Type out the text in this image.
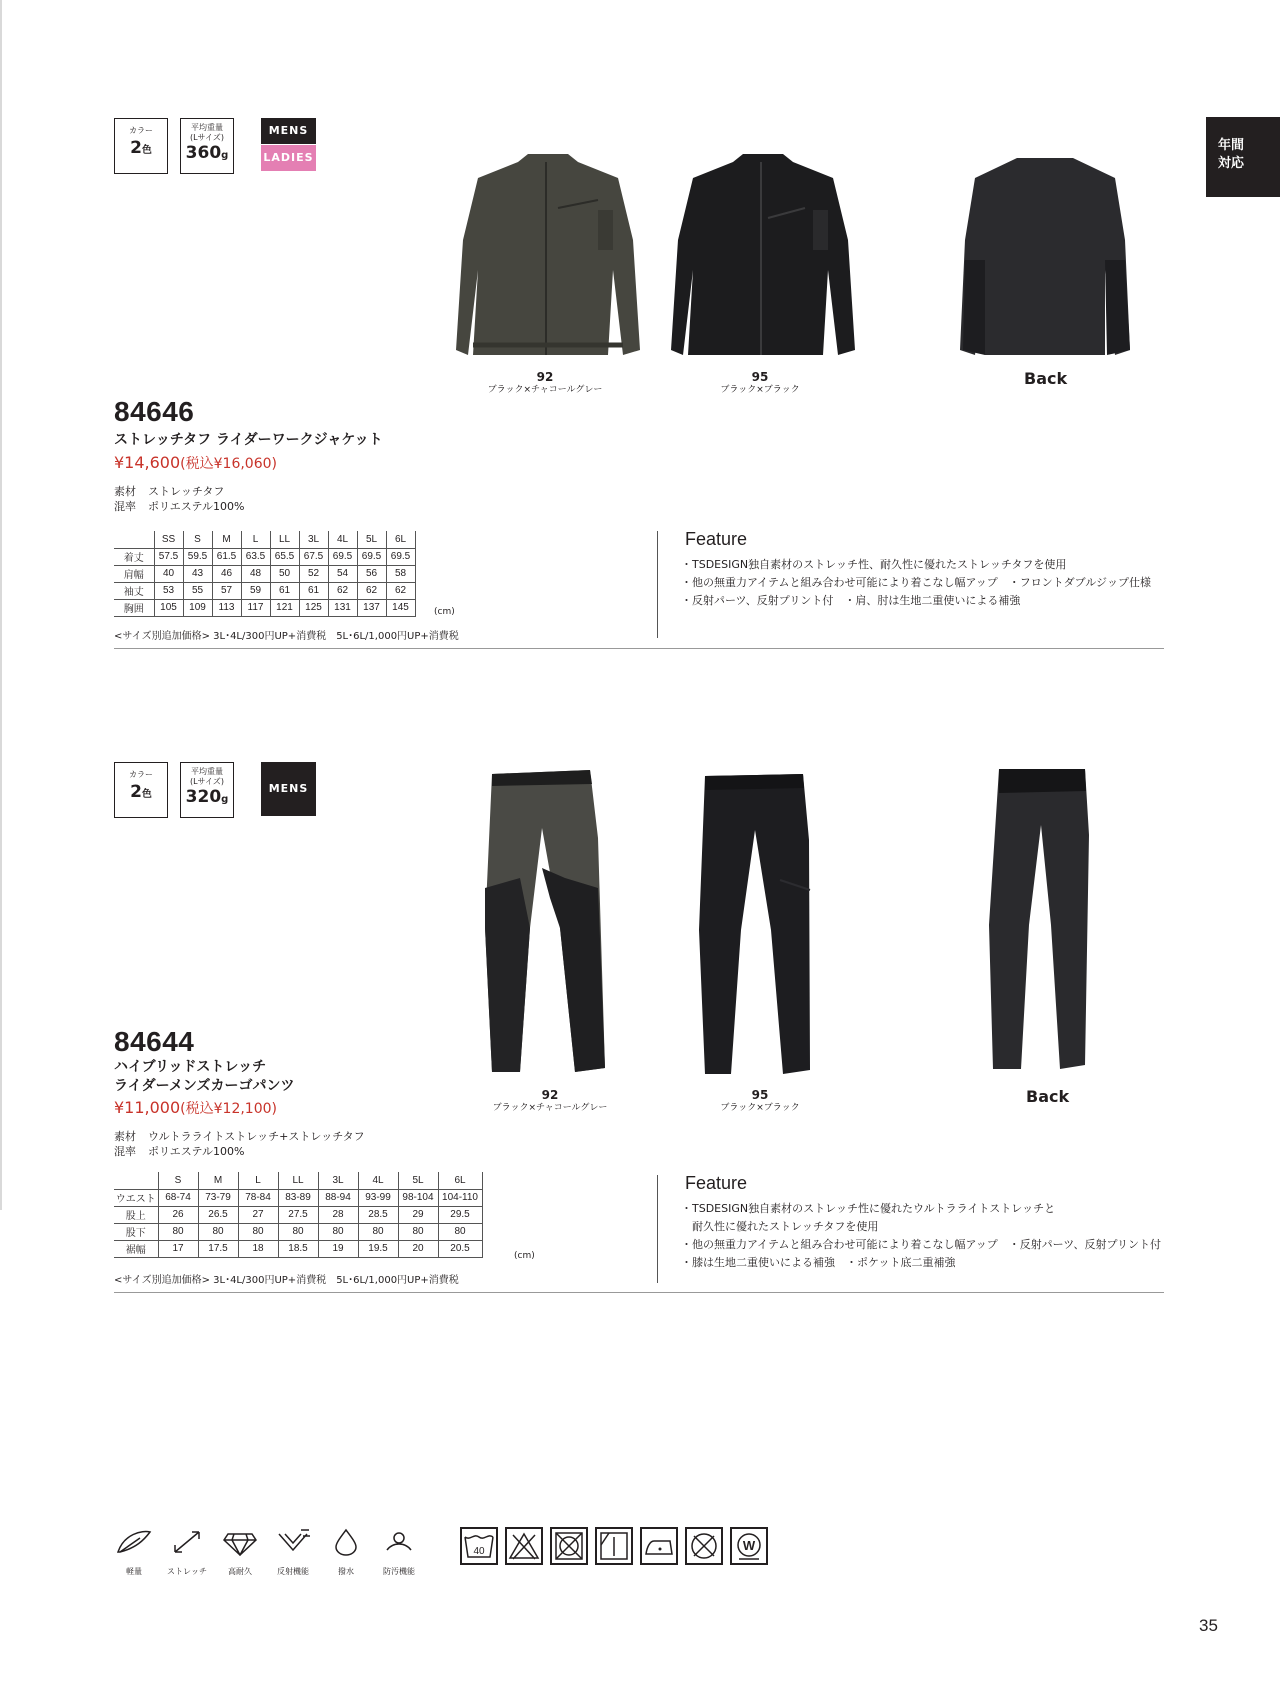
年間
対応
カラー
2色
平均重量
(Lサイズ)
360g
MENS
LADIES
92
ブラック×チャコールグレー
95
ブラック×ブラック
Back
84646
ストレッチタフ ライダーワークジャケット
¥14,600(税込¥16,060)
素材 ストレッチタフ
混率 ポリエステル100%
	SS	S	M	L	LL	3L	4L	5L	6L
着丈	57.5	59.5	61.5	63.5	65.5	67.5	69.5	69.5	69.5
肩幅	40	43	46	48	50	52	54	56	58
袖丈	53	55	57	59	61	61	62	62	62
胸囲	105	109	113	117	121	125	131	137	145	(cm)
<サイズ別追加価格> 3L･4L/300円UP+消費税　5L･6L/1,000円UP+消費税
Feature
・TSDESIGN独自素材のストレッチ性、耐久性に優れたストレッチタフを使用
・他の無重力アイテムと組み合わせ可能により着こなし幅アップ　・フロントダブルジップ仕様
・反射パーツ、反射プリント付　・肩、肘は生地二重使いによる補強
カラー
2色
平均重量
(Lサイズ)
320g
MENS
92
ブラック×チャコールグレー
95
ブラック×ブラック
Back
84644
ハイブリッドストレッチ
ライダーメンズカーゴパンツ
¥11,000(税込¥12,100)
素材 ウルトラライトストレッチ+ストレッチタフ
混率 ポリエステル100%
	S	M	L	LL	3L	4L	5L	6L
ウエスト	68-74	73-79	78-84	83-89	88-94	93-99	98-104	104-110
股上	26	26.5	27	27.5	28	28.5	29	29.5
股下	80	80	80	80	80	80	80	80
裾幅	17	17.5	18	18.5	19	19.5	20	20.5
(cm)
<サイズ別追加価格> 3L･4L/300円UP+消費税　5L･6L/1,000円UP+消費税
Feature
・TSDESIGN独自素材のストレッチ性に優れたウルトラライトストレッチと
　耐久性に優れたストレッチタフを使用
・他の無重力アイテムと組み合わせ可能により着こなし幅アップ　・反射パーツ、反射プリント付
・膝は生地二重使いによる補強　・ポケット底二重補強
軽量	ストレッチ	高耐久	反射機能	撥水	防汚機能
40	W
35
